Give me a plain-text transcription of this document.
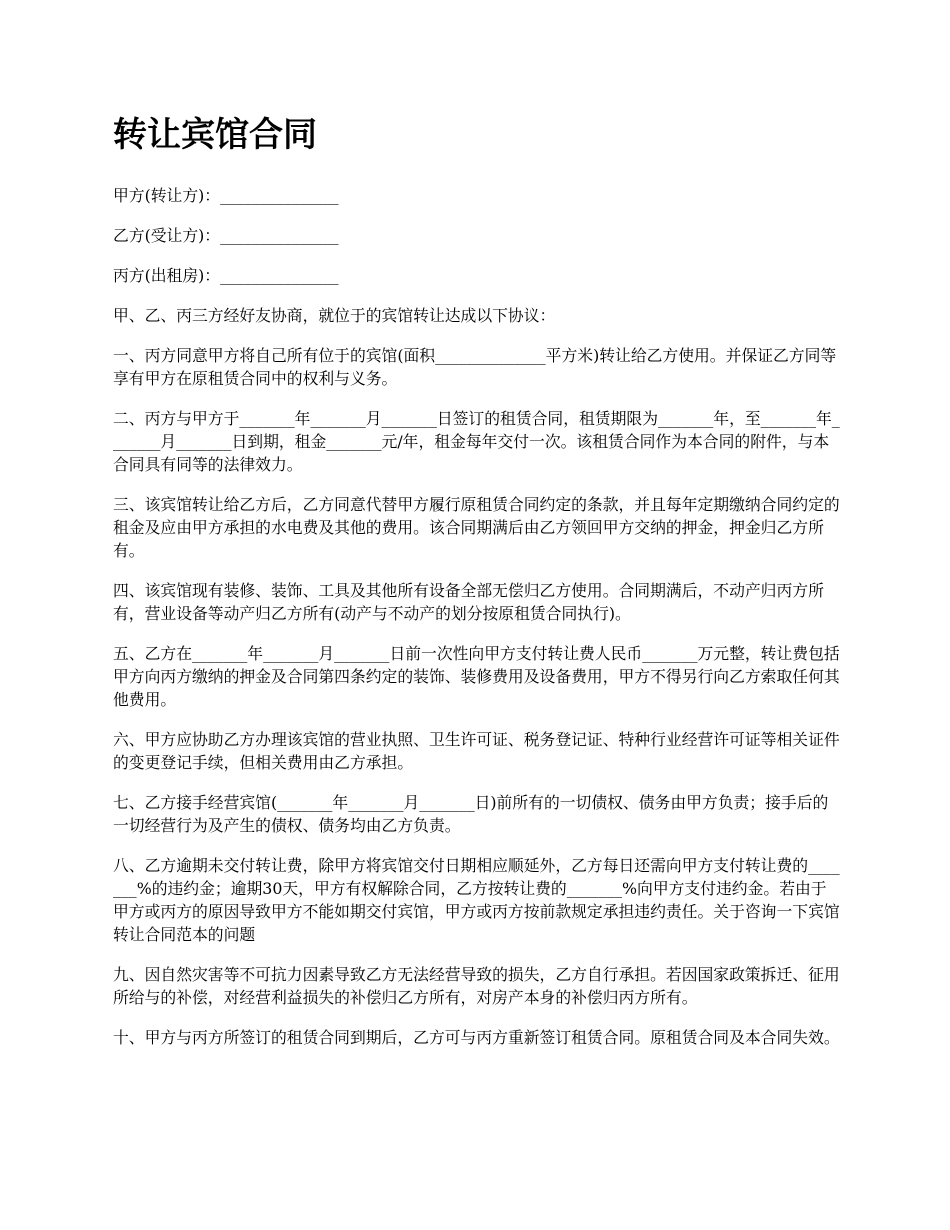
转让宾馆合同

甲方(转让方)：_______________

乙方(受让方)：_______________

丙方(出租房)：_______________

甲、乙、丙三方经好友协商，就位于的宾馆转让达成以下协议：

一、丙方同意甲方将自己所有位于的宾馆(面积______________平方米)转让给乙方使用。并保证乙方同等享有甲方在原租赁合同中的权利与义务。

二、丙方与甲方于_______年_______月_______日签订的租赁合同，租赁期限为_______年，至_______年_______月_______日到期，租金_______元/年，租金每年交付一次。该租赁合同作为本合同的附件，与本合同具有同等的法律效力。

三、该宾馆转让给乙方后，乙方同意代替甲方履行原租赁合同约定的条款，并且每年定期缴纳合同约定的租金及应由甲方承担的水电费及其他的费用。该合同期满后由乙方领回甲方交纳的押金，押金归乙方所有。

四、该宾馆现有装修、装饰、工具及其他所有设备全部无偿归乙方使用。合同期满后，不动产归丙方所有，营业设备等动产归乙方所有(动产与不动产的划分按原租赁合同执行)。

五、乙方在_______年_______月_______日前一次性向甲方支付转让费人民币_______万元整，转让费包括甲方向丙方缴纳的押金及合同第四条约定的装饰、装修费用及设备费用，甲方不得另行向乙方索取任何其他费用。

六、甲方应协助乙方办理该宾馆的营业执照、卫生许可证、税务登记证、特种行业经营许可证等相关证件的变更登记手续，但相关费用由乙方承担。

七、乙方接手经营宾馆(_______年_______月_______日)前所有的一切债权、债务由甲方负责；接手后的一切经营行为及产生的债权、债务均由乙方负责。

八、乙方逾期未交付转让费，除甲方将宾馆交付日期相应顺延外，乙方每日还需向甲方支付转让费的_______%的违约金；逾期30天，甲方有权解除合同，乙方按转让费的_______%向甲方支付违约金。若由于甲方或丙方的原因导致甲方不能如期交付宾馆，甲方或丙方按前款规定承担违约责任。关于咨询一下宾馆转让合同范本的问题

九、因自然灾害等不可抗力因素导致乙方无法经营导致的损失，乙方自行承担。若因国家政策拆迁、征用所给与的补偿，对经营利益损失的补偿归乙方所有，对房产本身的补偿归丙方所有。

十、甲方与丙方所签订的租赁合同到期后，乙方可与丙方重新签订租赁合同。原租赁合同及本合同失效。
